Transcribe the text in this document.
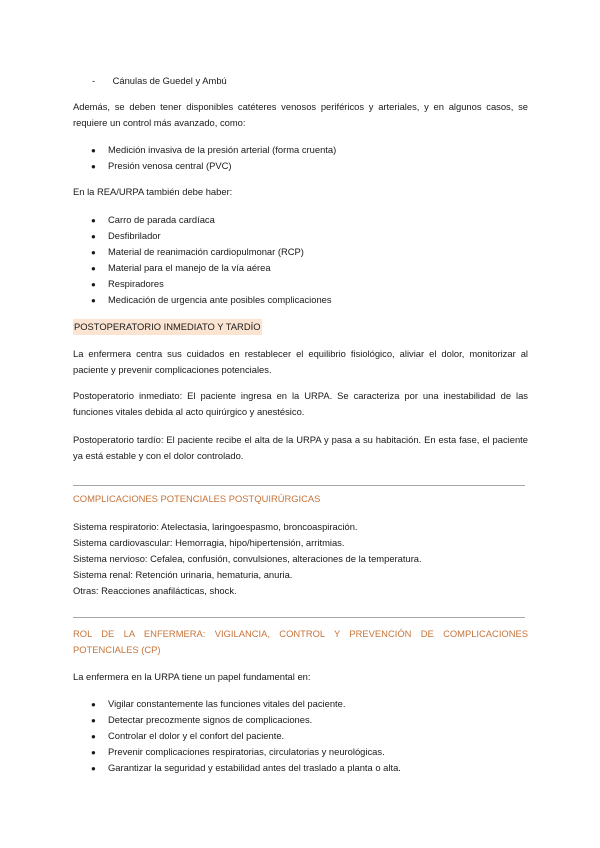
- Cánulas de Guedel y Ambú

Además, se deben tener disponibles catéteres venosos periféricos y arteriales, y en algunos casos, se requiere un control más avanzado, como:

● Medición invasiva de la presión arterial (forma cruenta)
● Presión venosa central (PVC)

En la REA/URPA también debe haber:

● Carro de parada cardíaca
● Desfibrilador
● Material de reanimación cardiopulmonar (RCP)
● Material para el manejo de la vía aérea
● Respiradores
● Medicación de urgencia ante posibles complicaciones
POSTOPERATORIO INMEDIATO Y TARDÍO

La enfermera centra sus cuidados en restablecer el equilibrio fisiológico, aliviar el dolor, monitorizar al paciente y prevenir complicaciones potenciales.

Postoperatorio inmediato: El paciente ingresa en la URPA. Se caracteriza por una inestabilidad de las funciones vitales debida al acto quirúrgico y anestésico.

Postoperatorio tardío: El paciente recibe el alta de la URPA y pasa a su habitación. En esta fase, el paciente ya está estable y con el dolor controlado.

COMPLICACIONES POTENCIALES POSTQUIRÚRGICAS
Sistema respiratorio: Atelectasia, laringoespasmo, broncoaspiración.
Sistema cardiovascular: Hemorragia, hipo/hipertensión, arritmias.
Sistema nervioso: Cefalea, confusión, convulsiones, alteraciones de la temperatura.
Sistema renal: Retención urinaria, hematuria, anuria.
Otras: Reacciones anafilácticas, shock.
ROL DE LA ENFERMERA: VIGILANCIA, CONTROL Y PREVENCIÓN DE COMPLICACIONES POTENCIALES (CP)

La enfermera en la URPA tiene un papel fundamental en:

● Vigilar constantemente las funciones vitales del paciente.
● Detectar precozmente signos de complicaciones.
● Controlar el dolor y el confort del paciente.
● Prevenir complicaciones respiratorias, circulatorias y neurológicas.
● Garantizar la seguridad y estabilidad antes del traslado a planta o alta.
